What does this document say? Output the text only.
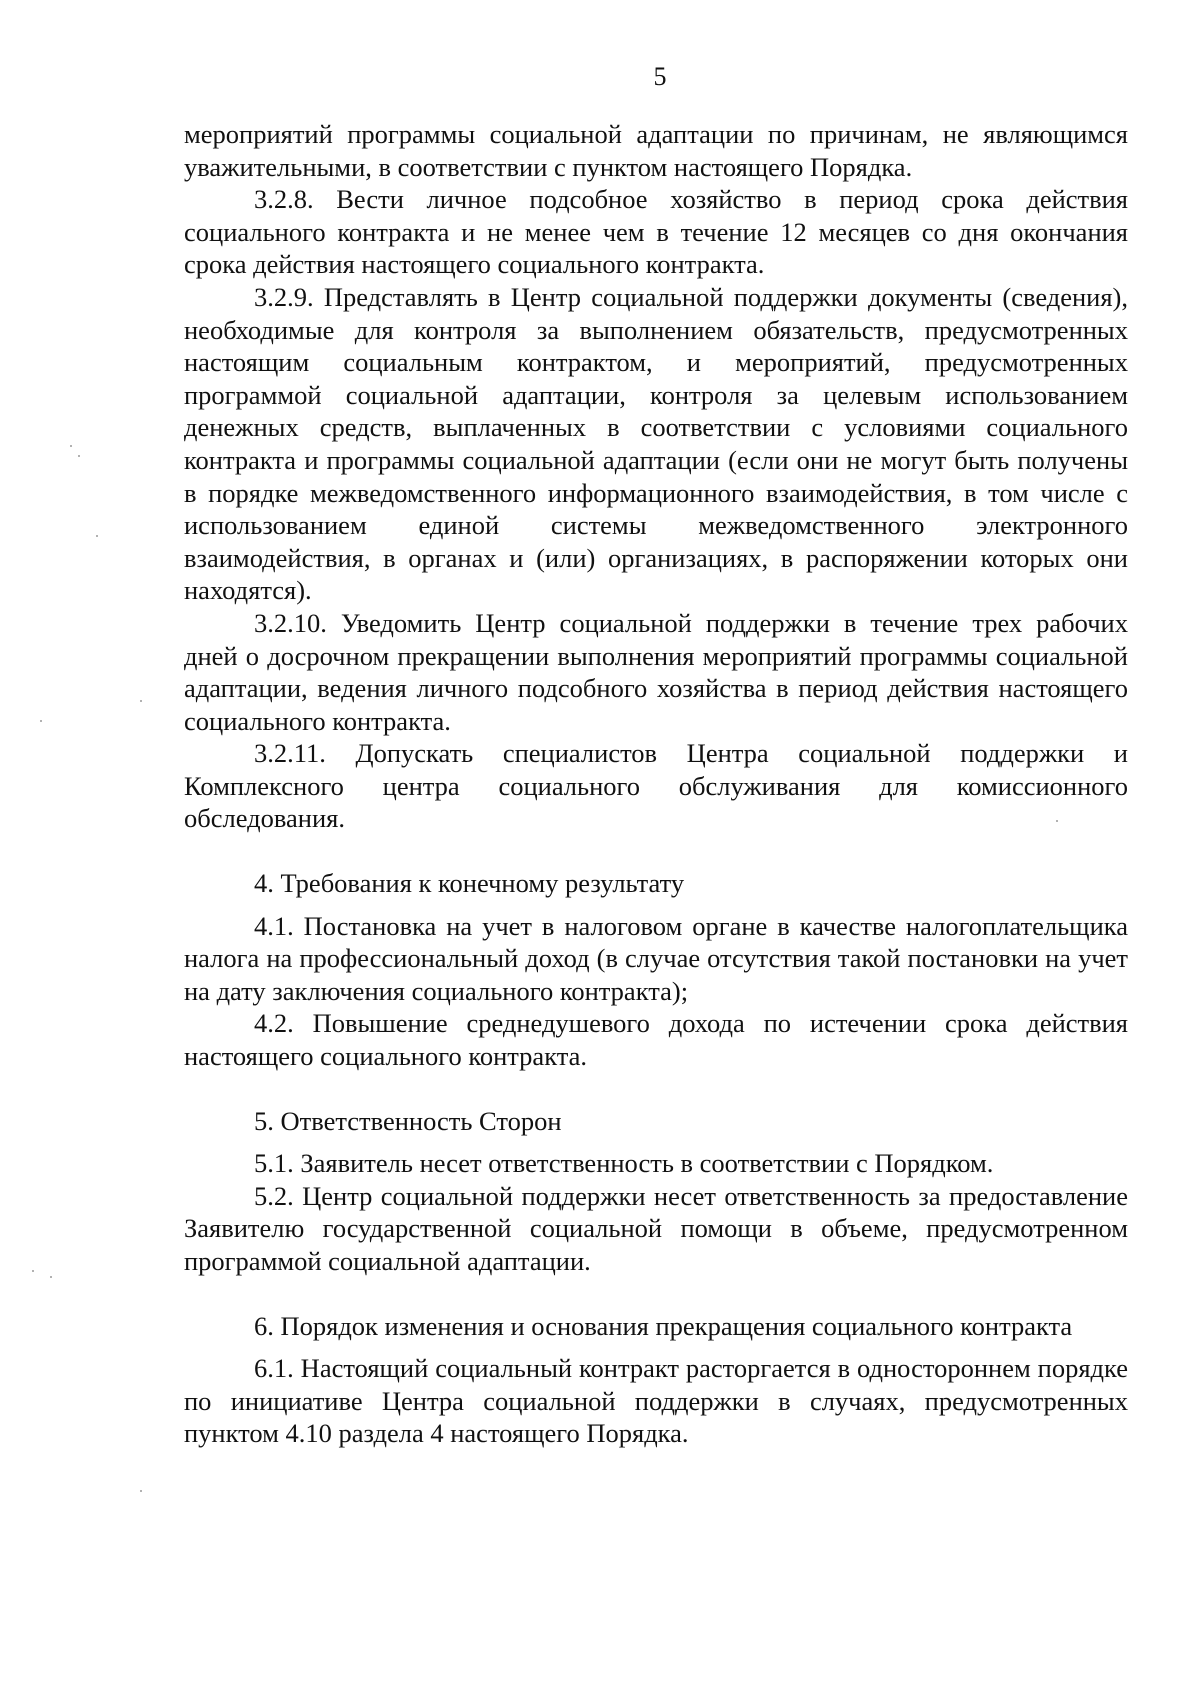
5

мероприятий программы социальной адаптации по причинам, не являющимся уважительными, в соответствии с пунктом настоящего Порядка.

3.2.8. Вести личное подсобное хозяйство в период срока действия социального контракта и не менее чем в течение 12 месяцев со дня окончания срока действия настоящего социального контракта.

3.2.9. Представлять в Центр социальной поддержки документы (сведения), необходимые для контроля за выполнением обязательств, предусмотренных настоящим социальным контрактом, и мероприятий, предусмотренных программой социальной адаптации, контроля за целевым использованием денежных средств, выплаченных в соответствии с условиями социального контракта и программы социальной адаптации (если они не могут быть получены в порядке межведомственного информационного взаимодействия, в том числе с использованием единой системы межведомственного электронного взаимодействия, в органах и (или) организациях, в распоряжении которых они находятся).

3.2.10. Уведомить Центр социальной поддержки в течение трех рабочих дней о досрочном прекращении выполнения мероприятий программы социальной адаптации, ведения личного подсобного хозяйства в период действия настоящего социального контракта.

3.2.11. Допускать специалистов Центра социальной поддержки и Комплексного центра социального обслуживания для комиссионного обследования.

4. Требования к конечному результату

4.1. Постановка на учет в налоговом органе в качестве налогоплательщика налога на профессиональный доход (в случае отсутствия такой постановки на учет на дату заключения социального контракта);

4.2. Повышение среднедушевого дохода по истечении срока действия настоящего социального контракта.

5. Ответственность Сторон

5.1. Заявитель несет ответственность в соответствии с Порядком.

5.2. Центр социальной поддержки несет ответственность за предоставление Заявителю государственной социальной помощи в объеме, предусмотренном программой социальной адаптации.

6. Порядок изменения и основания прекращения социального контракта

6.1. Настоящий социальный контракт расторгается в одностороннем порядке по инициативе Центра социальной поддержки в случаях, предусмотренных пунктом 4.10 раздела 4 настоящего Порядка.
